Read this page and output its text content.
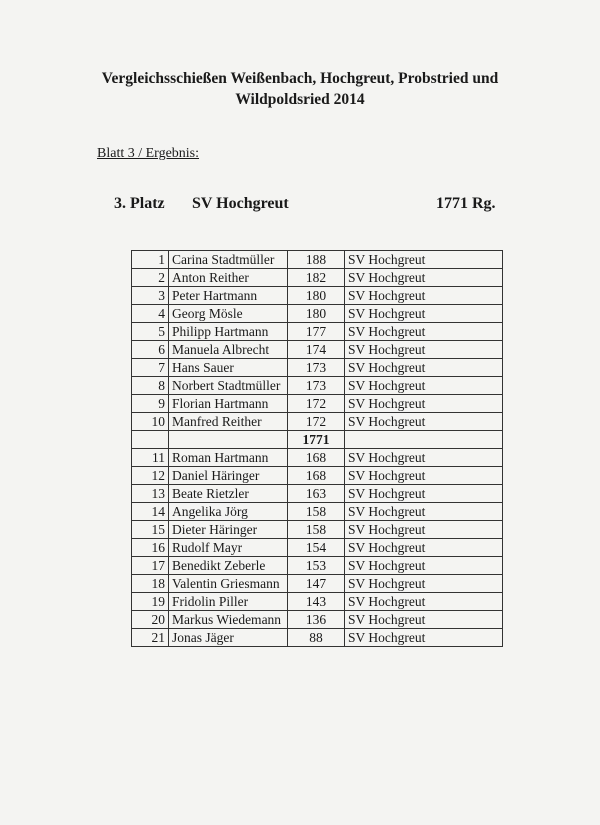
Vergleichsschießen Weißenbach, Hochgreut, Probstried und
Wildpoldsried 2014
Blatt 3 / Ergebnis:
3. Platz SV Hochgreut	1771 Rg.
1	Carina Stadtmüller	188	SV Hochgreut
2	Anton Reither	182	SV Hochgreut
3	Peter Hartmann	180	SV Hochgreut
4	Georg Mösle	180	SV Hochgreut
5	Philipp Hartmann	177	SV Hochgreut
6	Manuela Albrecht	174	SV Hochgreut
7	Hans Sauer	173	SV Hochgreut
8	Norbert Stadtmüller	173	SV Hochgreut
9	Florian Hartmann	172	SV Hochgreut
10	Manfred Reither	172	SV Hochgreut
		1771	
11	Roman Hartmann	168	SV Hochgreut
12	Daniel Häringer	168	SV Hochgreut
13	Beate Rietzler	163	SV Hochgreut
14	Angelika Jörg	158	SV Hochgreut
15	Dieter Häringer	158	SV Hochgreut
16	Rudolf Mayr	154	SV Hochgreut
17	Benedikt Zeberle	153	SV Hochgreut
18	Valentin Griesmann	147	SV Hochgreut
19	Fridolin Piller	143	SV Hochgreut
20	Markus Wiedemann	136	SV Hochgreut
21	Jonas Jäger	88	SV Hochgreut
